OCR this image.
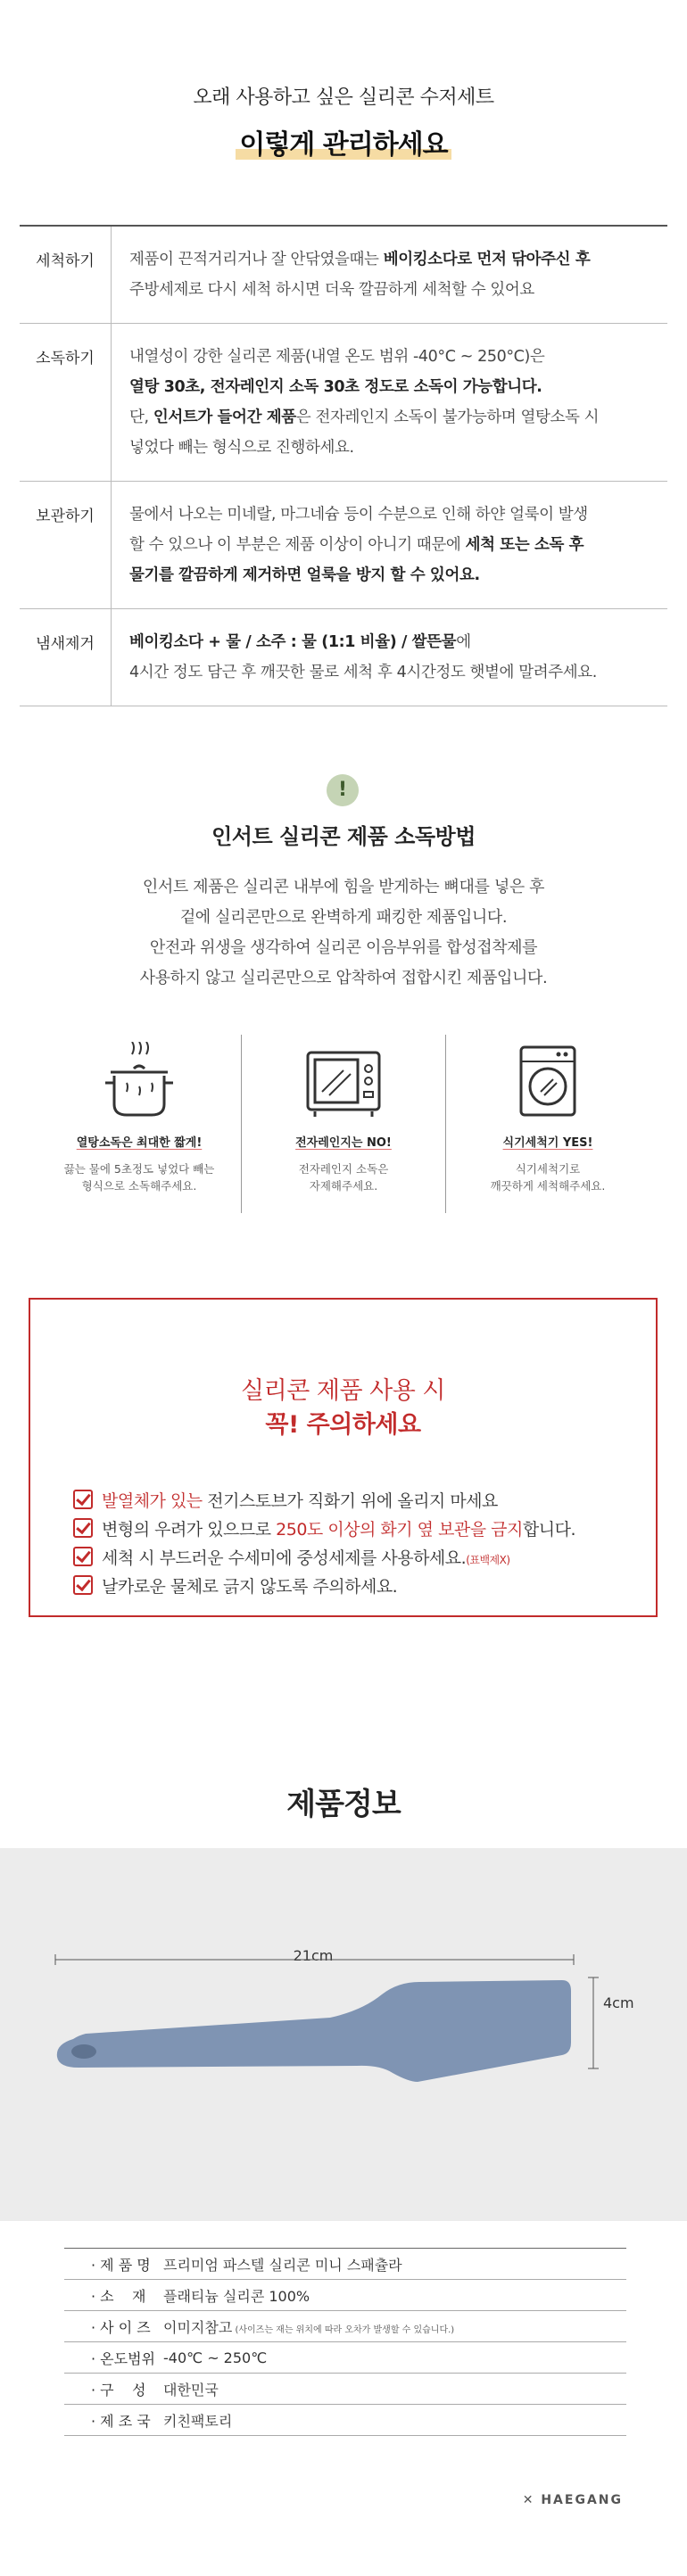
오래 사용하고 싶은 실리콘 수저세트
이렇게 관리하세요
세척하기	제품이 끈적거리거나 잘 안닦였을때는 베이킹소다로 먼저 닦아주신 후
주방세제로 다시 세척 하시면 더욱 깔끔하게 세척할 수 있어요
소독하기	내열성이 강한 실리콘 제품(내열 온도 범위 -40°C ~ 250°C)은
열탕 30초, 전자레인지 소독 30초 정도로 소독이 가능합니다.
단, 인서트가 들어간 제품은 전자레인지 소독이 불가능하며 열탕소독 시
넣었다 빼는 형식으로 진행하세요.
보관하기	물에서 나오는 미네랄, 마그네슘 등이 수분으로 인해 하얀 얼룩이 발생
할 수 있으나 이 부분은 제품 이상이 아니기 때문에 세척 또는 소독 후
물기를 깔끔하게 제거하면 얼룩을 방지 할 수 있어요.
냄새제거	베이킹소다 + 물 / 소주 : 물 (1:1 비율) / 쌀뜬물에
4시간 정도 담근 후 깨끗한 물로 세척 후 4시간정도 햇볕에 말려주세요.
!
인서트 실리콘 제품 소독방법
인서트 제품은 실리콘 내부에 힘을 받게하는 뼈대를 넣은 후
겉에 실리콘만으로 완벽하게 패킹한 제품입니다.
안전과 위생을 생각하여 실리콘 이음부위를 합성접착제를
사용하지 않고 실리콘만으로 압착하여 접합시킨 제품입니다.
열탕소독은 최대한 짧게!
끓는 물에 5초정도 넣었다 빼는
형식으로 소독해주세요.
전자레인지는 NO!
전자레인지 소독은
자제해주세요.
식기세척기 YES!
식기세척기로
깨끗하게 세척해주세요.
실리콘 제품 사용 시
꼭! 주의하세요
발열체가 있는 전기스토브가 직화기 위에 올리지 마세요
변형의 우려가 있으므로 250도 이상의 화기 옆 보관을 금지합니다.
세척 시 부드러운 수세미에 중성세제를 사용하세요.(표백제X)
날카로운 물체로 긁지 않도록 주의하세요.
제품정보
21cm
4cm
· 제 품 명 프리미엄 파스텔 실리콘 미니 스패츌라
· 소    재	플래티늄 실리콘 100%
· 사 이 즈 이미지참고 (사이즈는 재는 위치에 따라 오차가 발생할 수 있습니다.)
· 온도범위 -40℃ ~ 250℃
· 구    성	대한민국
· 제 조 국 키친팩토리
✕ HAEGANG
